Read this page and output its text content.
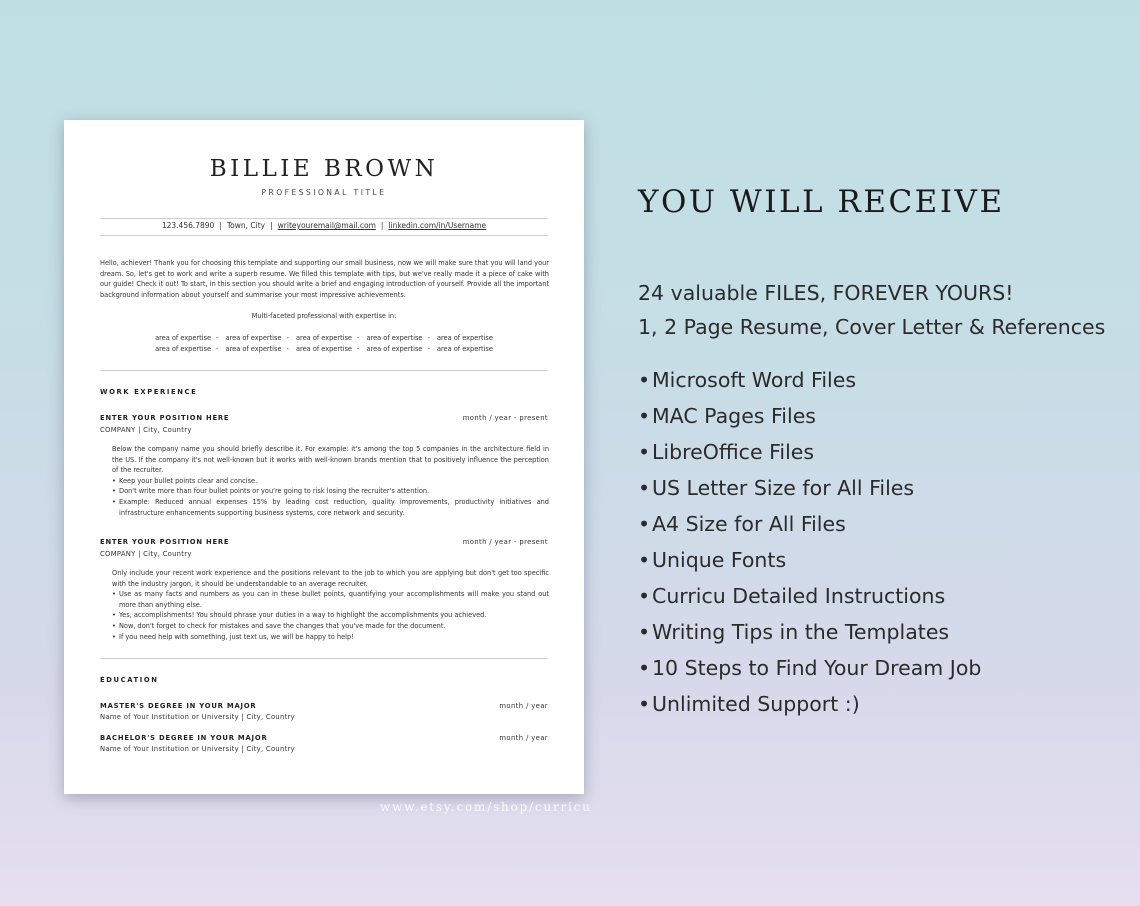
BILLIE BROWN
PROFESSIONAL TITLE
123.456.7890 | Town, City | writeyouremail@mail.com | linkedin.com/in/Username
Hello, achiever! Thank you for choosing this template and supporting our small business, now we will make sure that you will land your dream. So, let's get to work and write a superb resume. We filled this template with tips, but we've really made it a piece of cake with our guide! Check it out! To start, in this section you should write a brief and engaging introduction of yourself. Provide all the important background information about yourself and summarise your most impressive achievements.
Multi-faceted professional with expertise in:
area of expertise - area of expertise - area of expertise - area of expertise - area of expertise
area of expertise - area of expertise - area of expertise - area of expertise - area of expertise
WORK EXPERIENCE
ENTER YOUR POSITION HERE	month / year - present
COMPANY | City, Country
Below the company name you should briefly describe it. For example: it's among the top 5 companies in the architecture field in the US. If the company it's not well-known but it works with well-known brands mention that to positively influence the perception of the recruiter.
• Keep your bullet points clear and concise.
• Don't write more than four bullet points or you're going to risk losing the recruiter's attention.
• Example: Reduced annual expenses 15% by leading cost reduction, quality improvements, productivity initiatives and infrastructure enhancements supporting business systems, core network and security.
ENTER YOUR POSITION HERE	month / year - present
COMPANY | City, Country
Only include your recent work experience and the positions relevant to the job to which you are applying but don't get too specific with the industry jargon, it should be understandable to an average recruiter.
• Use as many facts and numbers as you can in these bullet points, quantifying your accomplishments will make you stand out more than anything else.
• Yes, accomplishments! You should phrase your duties in a way to highlight the accomplishments you achieved.
• Now, don't forget to check for mistakes and save the changes that you've made for the document.
• If you need help with something, just text us, we will be happy to help!
EDUCATION
MASTER'S DEGREE IN YOUR MAJOR	month / year
Name of Your Institution or University | City, Country
BACHELOR'S DEGREE IN YOUR MAJOR	month / year
Name of Your Institution or University | City, Country
www.etsy.com/shop/curricu
YOU WILL RECEIVE
24 valuable FILES, FOREVER YOURS!
1, 2 Page Resume, Cover Letter & References
•Microsoft Word Files
•MAC Pages Files
•LibreOffice Files
•US Letter Size for All Files
•A4 Size for All Files
•Unique Fonts
•Curricu Detailed Instructions
•Writing Tips in the Templates
•10 Steps to Find Your Dream Job
•Unlimited Support :)
